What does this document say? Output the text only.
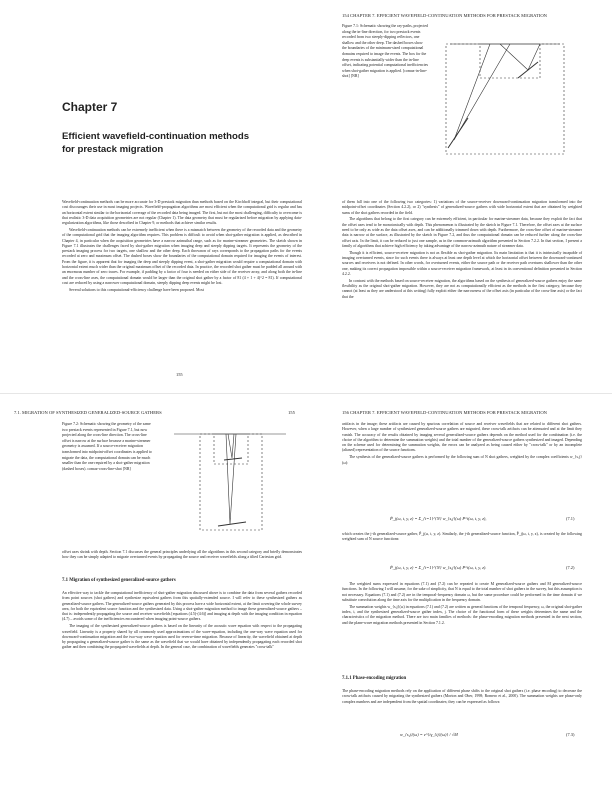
154 CHAPTER 7. EFFICIENT WAVEFIELD-CONTINUATION METHODS FOR PRESTACK MIGRATION
Chapter 7
Efficient wavefield-continuation methods for prestack migration
Figure 7.1: Schematic showing the ray-paths, projected along the in-line direction, for two prestack events recorded from two steeply-dipping reflectors, one shallow and the other deep. The dashed boxes show the boundaries of the minimum-sized computational domains required to image the events. The box for the deep events is substantially wider than the in-line offset, indicating potential computational inefficiencies when shot-gather migration is applied. [comaz-in-line-shot] [NR]

Wavefield-continuation methods can be more accurate for 3-D prestack migration than methods based on the Kirchhoff integral, but their computational cost discourages their use in most imaging projects. Wavefield-propagation algorithms are most efficient when the computational grid is regular and has an horizontal extent similar to the horizontal coverage of the recorded data being imaged. The first, but not the most challenging, difficulty to overcome is that realistic 3-D data acquisition geometries are not regular (Chapter 1). The data geometry that must be regularized before migration by applying data-regularization algorithms, like those described in Chapter 9, or methods that achieve similar results.

Wavefield-continuation methods can be extremely inefficient when there is a mismatch between the geometry of the recorded data and the geometry of the computational grid that the imaging algorithm requires. This problem is difficult to avoid when shot-gather migration is applied, as described in Chapter 4, in particular when the acquisition geometries have a narrow azimuthal range, such as for marine-streamer geometries. The sketch shown in Figure 7.1 illustrates the challenges faced by shot-gather migration when imaging deep and steeply dipping targets. It represents the geometry of the prestack imaging process for two targets, one shallow and the other deep. Each thrownon of rays corresponds to the propagation paths for the events recorded at zero and maximum offset. The dashed boxes show the boundaries of the computational domain required for imaging the events of interest. From the figure, it is apparent that for imaging the deep and steeply dipping event, a shot-gather migration would require a computational domain with horizontal extent much wider than the original maximum offset of the recorded data. In practice, the recorded shot gather must be padded all around with an enormous number of zero traces. For example, if padding by a factor of four is needed on either side of the receiver array, and along both the in-line and the cross-line axes, the computational domain would be larger than the original shot gather by a factor of 81 (4 + 1 + 4)^2 = 81). If computational cost are reduced by using a narrower computational domain, steeply dipping deep events might be lost.

Several solutions to this computational-efficiency challenge have been proposed. Most

155

of them fall into one of the following two categories: 1) variations of the source-receiver downward-continuation migration transformed into the midpoint-offset coordinates (Section 4.2.2), or 2) "synthesis" of generalized-source gathers with wide horizontal extent that are obtained by weighted sums of the shot gathers recorded in the field.

The algorithms that belong to the first category can be extremely efficient, in particular for marine-streamer data, because they exploit the fact that the offset axes tend to be monotonically with depth. This phenomenon is illustrated by the sketch in Figure 7.1. Therefore, the offset axes at the surface need to be only as wide as the data offset axes, and can be additionally trimmed down with depth. Furthermore, the cross-line offset of marine-streamer data is narrow at the surface, as illustrated by the sketch in Figure 7.2, and thus the computational domain can be reduced further along the cross-line offset axis. In the limit, it can be reduced to just one sample, as in the common-azimuth algorithm presented in Section 7.2.2. In that section, I present a family of algorithms that achieve high efficiency by taking advantage of the narrow-azimuth nature of streamer data.

Though it is efficient, source-receiver migration is not as flexible as shot-gather migration. Its main limitation is that it is intrinsically incapable of imaging overturned events, since for such events there is always at least one depth level at which the horizontal offset between the downward-continued sources and receivers is not defined. In other words, for overturned events, either the source path or the receiver path overturns shallower than the other one, making its correct propagation impossible within a source-receiver migration framework, at least in its conventional definition presented in Section 4.2.2.

In contrast with the methods based on source-receiver migration, the algorithms based on the synthesis of generalized-source gathers enjoy the same flexibility as the original shot-gather migration. However, they are not as computationally efficient as the methods in the first category, because they cannot (at least as they are understood at this writing) fully exploit either the narrowness of the offset axis (in particular of the cross-line axis) or the fact that the

7.1. MIGRATION OF SYNTHESIZED GENERALIZED-SOURCE GATHERS	155	156 CHAPTER 7. EFFICIENT WAVEFIELD-CONTINUATION METHODS FOR PRESTACK MIGRATION
Figure 7.2: Schematic showing the geometry of the same two prestack events represented in Figure 7.1, but now projected along the cross-line direction. The cross-line offset is narrow at the surface because a marine-streamer geometry is assumed. If a source-receiver migration transformed into midpoint-offset coordinates is applied to migrate the data, the computational domain can be much smaller than the one required by a shot-gather migration (dashed boxes). comaz-cross-line-shot [NR]

offset axes shrink with depth. Section 7.1 discusses the general principles underlying all the algorithms in this second category and briefly demonstrates how they can be simply adapted to migrate overturned events by propagating the source and receiver wavefields along a tilted Cartesian grid.

7.1 Migration of synthesized generalized-source gathers

An effective way to tackle the computational inefficiency of shot-gather migration discussed above is to combine the data from several gathers recorded from point sources (shot gathers) and synthesize equivalent gathers from this spatially-extended source. I will refer to these synthesized gathers as generalized-source gathers. The generalized-source gathers generated by this process have a wide horizontal extent, at the limit covering the whole survey area, for both the equivalent source function and the synthesized data. Using a shot-gather migration method to image these generalized-source gathers – that is: independently propagating the source and receiver wavefields [equations (4.5)-(4.6)] and imaging at depth with the imaging condition in equation (4.7) – avoids some of the inefficiencies encountered when imaging point-source gathers.

The imaging of the synthesized generalized-source gathers is based on the linearity of the acoustic wave equation with respect to the propagating wavefield. Linearity is a property shared by all commonly used approximations of the wave-equation, including the one-way wave equation used for downward-continuation migration and the two-way wave equation used for reverse-time migration. Because of linearity, the wavefield obtained at depth by propagating a generalized-source gather is the same as the wavefield that we would have obtained by independently propagating each recorded shot gather and then combining the propagated wavefields at depth. In the general case, the combination of wavefields generates "cross-talk"

artifacts in the image; these artifacts are caused by spurious correlation of source and receiver wavefields that are related to different shot gathers. However, when a large number of synthesized generalized-source gathers are migrated, these cross-talk artifacts can be attenuated and at the limit they vanish. The accuracy of the results obtained by imaging several generalized-source gathers depends on the method used for the combination (i.e. the choice of the algorithm to determine the summation weights) and the total number of the generalized-source gathers synthesized and imaged. Depending on the scheme used for determining the summation weights, the errors can be analyzed as being caused either by "cross-talk" or by an incomplete (aliased) representation of the source functions.

The synthesis of the generalized-source gathers is performed by the following sum of N shot gathers, weighted by the complex coefficients w_{s,j}(ω):

P̃_j(ω, t, y, z) = Σ_{i=1}^{N} w_{s,j}(ω) P^i(ω, t, y, z),	(7.1)

which creates the j-th generalized-source gather, P̃_j(ω, t, y, z). Similarly, the j-th generalized-source function, P̃_j(ω, t, y, z), is created by the following weighted sum of N source functions:

P̃_j(ω, t, y, z) = Σ_{i=1}^{N} w_{s,j}(ω) P^i(ω, t, y, z).	(7.2)

The weighted sums expressed in equations (7.1) and (7.2) can be repeated to create M generalized-source gathers and M generalized-source functions. In the following I will assume, for the sake of simplicity, that N is equal to the total number of shot gathers in the survey, but this assumption is not necessary. Equations (7.1) and (7.2) are in the temporal-frequency domain ω, but the same procedure could be performed in the time domain if we substitute convolution along the time axis for the multiplication in the frequency domain.

The summation weights w_{s,j}(ω) in equations (7.1) and (7.2) are written as general functions of the temporal frequency, ω, the original shot-gather index, i, and the synthesized generalized-source gather index, j. The choice of the functional form of these weights determines the name and the characteristics of the migration method. There are two main families of methods: the phase-encoding migration methods presented in the next section, and the plane-wave migration methods presented in Section 7.1.2.

7.1.1 Phase-encoding migration

The phase-encoding migration methods rely on the application of different phase shifts to the original shot gathers (i.e. phase encoding) to decrease the cross-talk artifacts caused by migrating the synthesized gathers (Morton and Ober, 1998; Romero et al., 2000). The summation weights are phase-only complex numbers and are independent from the spatial coordinates; they can be expressed as follows:

w_{s,j}(ω) = e^{iγ_{ij}(ω)} / √M	(7.3)
